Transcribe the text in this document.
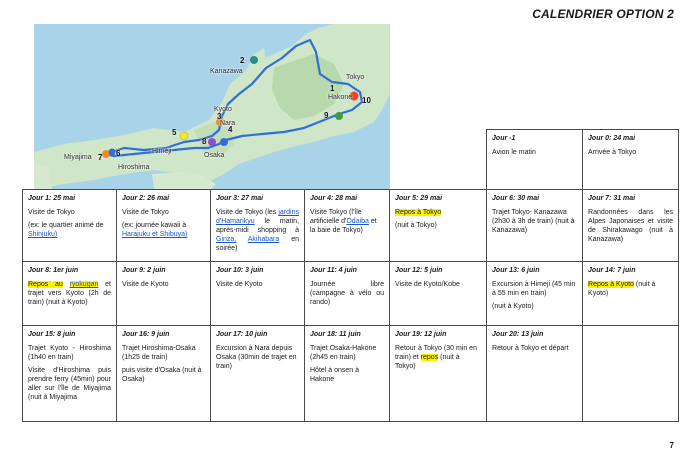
CALENDRIER OPTION 2
Kanazawa
Tokyo
Hakone
Kyoto
Nara
Himeji
Osaka
Miyajima
Hiroshima
1
2
3
4
5
6
7
8
9
10

					Jour -1
Avion le matin	Jour 0: 24 mai
Arrivée à Tokyo

Jour 1: 25 mai
Visite de Tokyo
(ex: le quartier animé de Shinjuku)	Jour 2: 26 mai
Visite de Tokyo
(ex: journée kawaii à Harajuku et Shibuya)	Jour 3: 27 mai
Visite de Tokyo (les jardins d'Hamarikyu le matin, après-midi shopping à Ginza, Akihabara en soirée)	Jour 4: 28 mai
Visite Tokyo (l'île artificielle d'Odaiba et la baie de Tokyo)	Jour 5: 29 mai
Repos à Tokyo
(nuit à Tokyo)	Jour 6: 30 mai
Trajet Tokyo- Kanazawa (2h30 à 3h de train) (nuit à Kanazawa)	Jour 7: 31 mai
Randonnées dans les Alpes Japonaises et visite de Shirakawago (nuit à Kanazawa)

Jour 8: 1er juin
Repos au ryokugan et trajet vers Kyoto (2h de train) (nuit à Kyoto)	Jour 9: 2 juin
Visite de Kyoto	Jour 10: 3 juin
Visite de Kyoto	Jour 11: 4 juin
Journée libre (campagne à vélo ou rando)	Jour 12: 5 juin
Visite de Kyoto/Kobe	Jour 13: 6 juin
Excursion à Himeji (45 min à 55 min en train)
(nuit à Kyoto)	Jour 14: 7 juin
Repos à Kyoto (nuit à Kyoto)

Jour 15: 8 juin
Trajet Kyoto - Hiroshima (1h40 en train)
Visite d'Hiroshima puis prendre ferry (45min) pour aller sur l'île de Miyajima (nuit à Miyajima	Jour 16: 9 juin
Trajet Hiroshima-Osaka (1h25 de train)
puis visite d'Osaka (nuit à Osaka)	Jour 17: 10 juin
Excursion à Nara depuis Osaka (30min de trajet en train)	Jour 18: 11 juin
Trajet Osaka-Hakone (2h45 en train)
Hôtel à onsen à Hakone	Jour 19: 12 juin
Retour à Tokyo (30 min en train) et repos (nuit à Tokyo)	Jour 20: 13 juin
Retour à Tokyo et départ	

7
